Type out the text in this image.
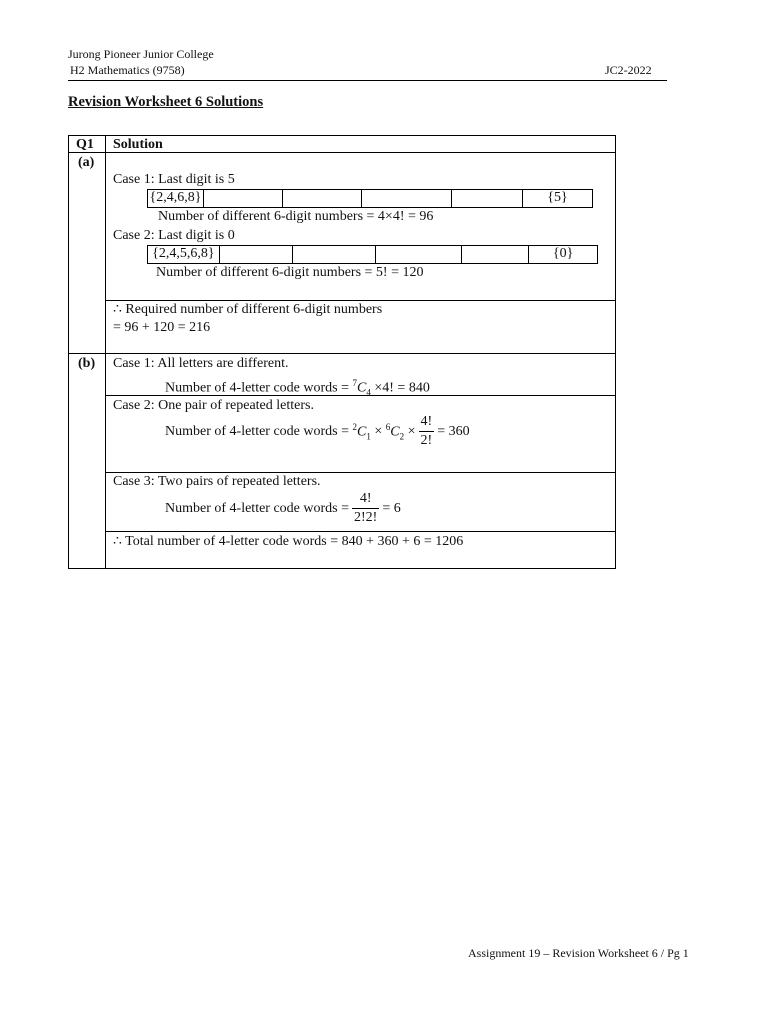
Jurong Pioneer Junior College
H2 Mathematics (9758)	JC2-2022
Revision Worksheet 6 Solutions
Q1 Solution
(a)
Case 1: Last digit is 5
{2,4,6,8}	{5}
Number of different 6-digit numbers = 4×4! = 96
Case 2: Last digit is 0
{2,4,5,6,8}	{0}
Number of different 6-digit numbers = 5! = 120
∴ Required number of different 6-digit numbers
= 96 + 120 = 216
(b) Case 1: All letters are different.
Number of 4-letter code words = $^7C_4 \times 4$! = 840
Case 2: One pair of repeated letters.
Number of 4-letter code words =
$^2C_1$
×
$^6C_2$
× $\frac{4!}{2!} = 360$
Case 3: Two pairs of repeated letters.
Number of 4-letter code words = $\frac{4!}{2!2!} = 6$
∴ Total number of 4-letter code words = 840 + 360 + 6 = 1206
Assignment 19 – Revision Worksheet 6 / Pg 1
